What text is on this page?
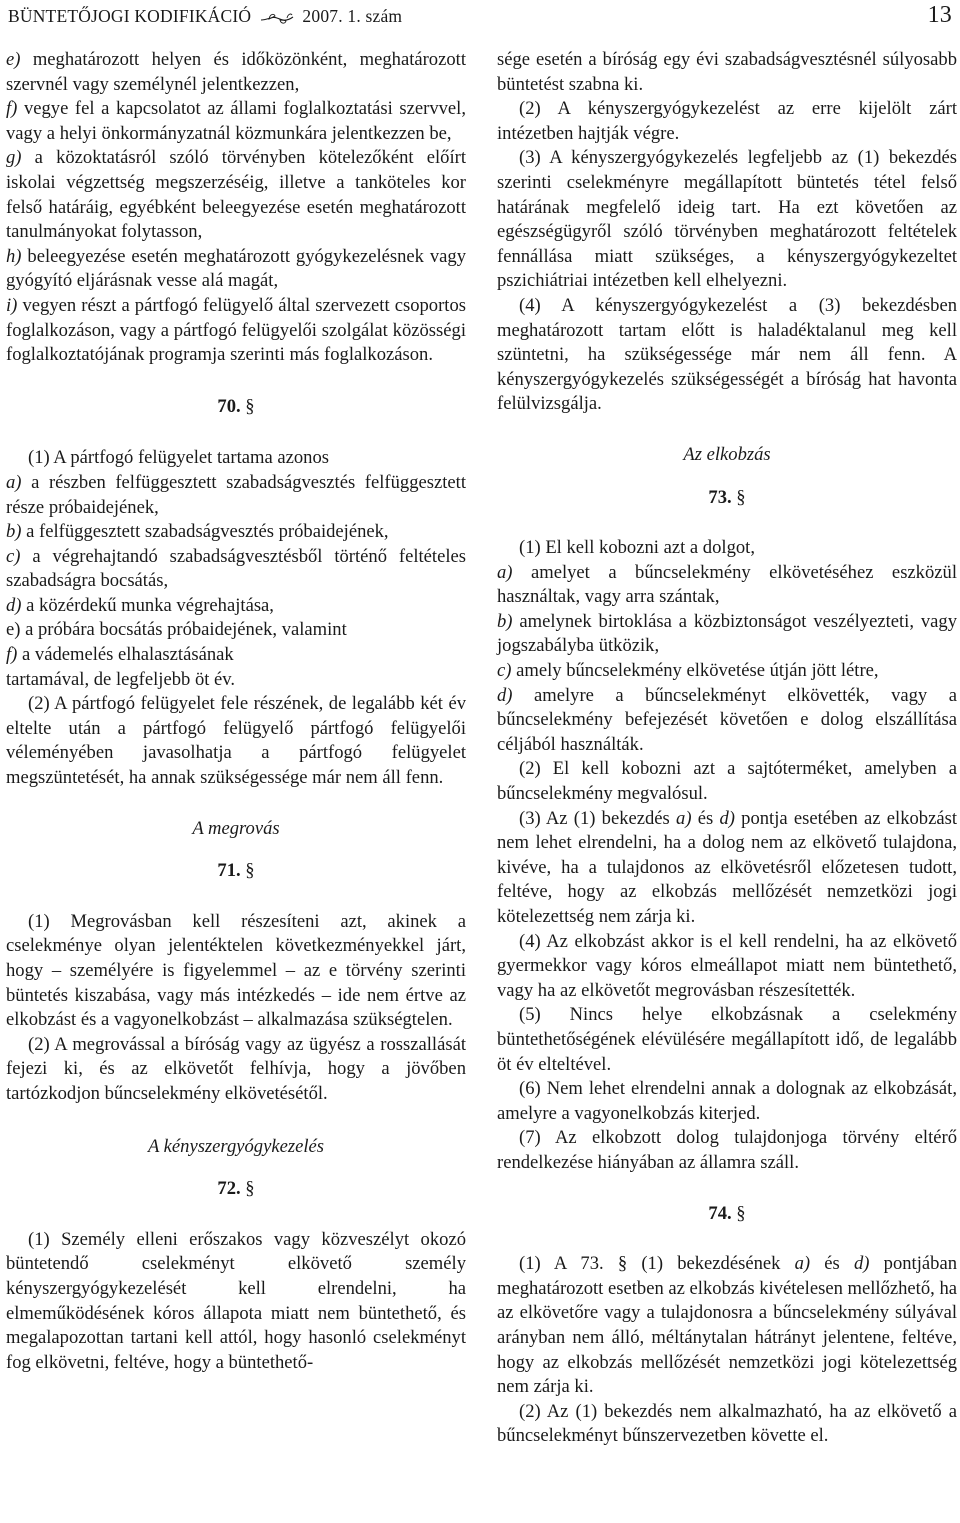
BÜNTETŐJOGI KODIFIKÁCIÓ	2007. 1. szám	13

e) meghatározott helyen és időközönként, meghatározott szervnél vagy személynél jelentkezzen,

f) vegye fel a kapcsolatot az állami foglalkoztatási szervvel, vagy a helyi önkormányzatnál közmunkára jelentkezzen be,

g) a közoktatásról szóló törvényben kötelezőként előírt iskolai végzettség megszerzéséig, illetve a tanköteles kor felső határáig, egyébként beleegyezése esetén meghatározott tanulmányokat folytasson,

h) beleegyezése esetén meghatározott gyógykezelésnek vagy gyógyító eljárásnak vesse alá magát,

i) vegyen részt a pártfogó felügyelő által szervezett csoportos foglalkozáson, vagy a pártfogó felügyelői szolgálat közösségi foglalkoztatójának programja szerinti más foglalkozáson.

70. §

(1) A pártfogó felügyelet tartama azonos

a) a részben felfüggesztett szabadságvesztés felfüggesztett része próbaidejének,

b) a felfüggesztett szabadságvesztés próbaidejének,

c) a végrehajtandó szabadságvesztésből történő feltételes szabadságra bocsátás,

d) a közérdekű munka végrehajtása,

e) a próbára bocsátás próbaidejének, valamint

f) a vádemelés elhalasztásának

tartamával, de legfeljebb öt év.

(2) A pártfogó felügyelet fele részének, de legalább két év eltelte után a pártfogó felügyelő pártfogó felügyelői véleményében javasolhatja a pártfogó felügyelet megszüntetését, ha annak szükségessége már nem áll fenn.

A megrovás

71. §

(1) Megrovásban kell részesíteni azt, akinek a cselekménye olyan jelentéktelen következményekkel járt, hogy – személyére is figyelemmel – az e törvény szerinti büntetés kiszabása, vagy más intézkedés – ide nem értve az elkobzást és a vagyonelkobzást – alkalmazása szükségtelen.

(2) A megrovással a bíróság vagy az ügyész a rosszallását fejezi ki, és az elkövetőt felhívja, hogy a jövőben tartózkodjon bűncselekmény elkövetésétől.

A kényszergyógykezelés

72. §

(1) Személy elleni erőszakos vagy közveszélyt okozó büntetendő cselekményt elkövető személy kényszergyógykezelését kell elrendelni, ha elmeműködésének kóros állapota miatt nem büntethető, és megalapozottan tartani kell attól, hogy hasonló cselekményt fog elkövetni, feltéve, hogy a büntethető-

sége esetén a bíróság egy évi szabadságvesztésnél súlyosabb büntetést szabna ki.

(2) A kényszergyógykezelést az erre kijelölt zárt intézetben hajtják végre.

(3) A kényszergyógykezelés legfeljebb az (1) bekezdés szerinti cselekményre megállapított büntetés tétel felső határának megfelelő ideig tart. Ha ezt követően az egészségügyről szóló törvényben meghatározott feltételek fennállása miatt szükséges, a kényszergyógykezeltet pszichiátriai intézetben kell elhelyezni.

(4) A kényszergyógykezelést a (3) bekezdésben meghatározott tartam előtt is haladéktalanul meg kell szüntetni, ha szükségessége már nem áll fenn. A kényszergyógykezelés szükségességét a bíróság hat havonta felülvizsgálja.

Az elkobzás

73. §

(1) El kell kobozni azt a dolgot,

a) amelyet a bűncselekmény elkövetéséhez eszközül használtak, vagy arra szántak,

b) amelynek birtoklása a közbiztonságot veszélyezteti, vagy jogszabályba ütközik,

c) amely bűncselekmény elkövetése útján jött létre,

d) amelyre a bűncselekményt elkövették, vagy a bűncselekmény befejezését követően e dolog elszállítása céljából használták.

(2) El kell kobozni azt a sajtóterméket, amelyben a bűncselekmény megvalósul.

(3) Az (1) bekezdés a) és d) pontja esetében az elkobzást nem lehet elrendelni, ha a dolog nem az elkövető tulajdona, kivéve, ha a tulajdonos az elkövetésről előzetesen tudott, feltéve, hogy az elkobzás mellőzését nemzetközi jogi kötelezettség nem zárja ki.

(4) Az elkobzást akkor is el kell rendelni, ha az elkövető gyermekkor vagy kóros elmeállapot miatt nem büntethető, vagy ha az elkövetőt megrovásban részesítették.

(5) Nincs helye elkobzásnak a cselekmény büntethetőségének elévülésére megállapított idő, de legalább öt év elteltével.

(6) Nem lehet elrendelni annak a dolognak az elkobzását, amelyre a vagyonelkobzás kiterjed.

(7) Az elkobzott dolog tulajdonjoga törvény eltérő rendelkezése hiányában az államra száll.

74. §

(1) A 73. § (1) bekezdésének a) és d) pontjában meghatározott esetben az elkobzás kivételesen mellőzhető, ha az elkövetőre vagy a tulajdonosra a bűncselekmény súlyával arányban nem álló, méltánytalan hátrányt jelentene, feltéve, hogy az elkobzás mellőzését nemzetközi jogi kötelezettség nem zárja ki.

(2) Az (1) bekezdés nem alkalmazható, ha az elkövető a bűncselekményt bűnszervezetben követte el.
